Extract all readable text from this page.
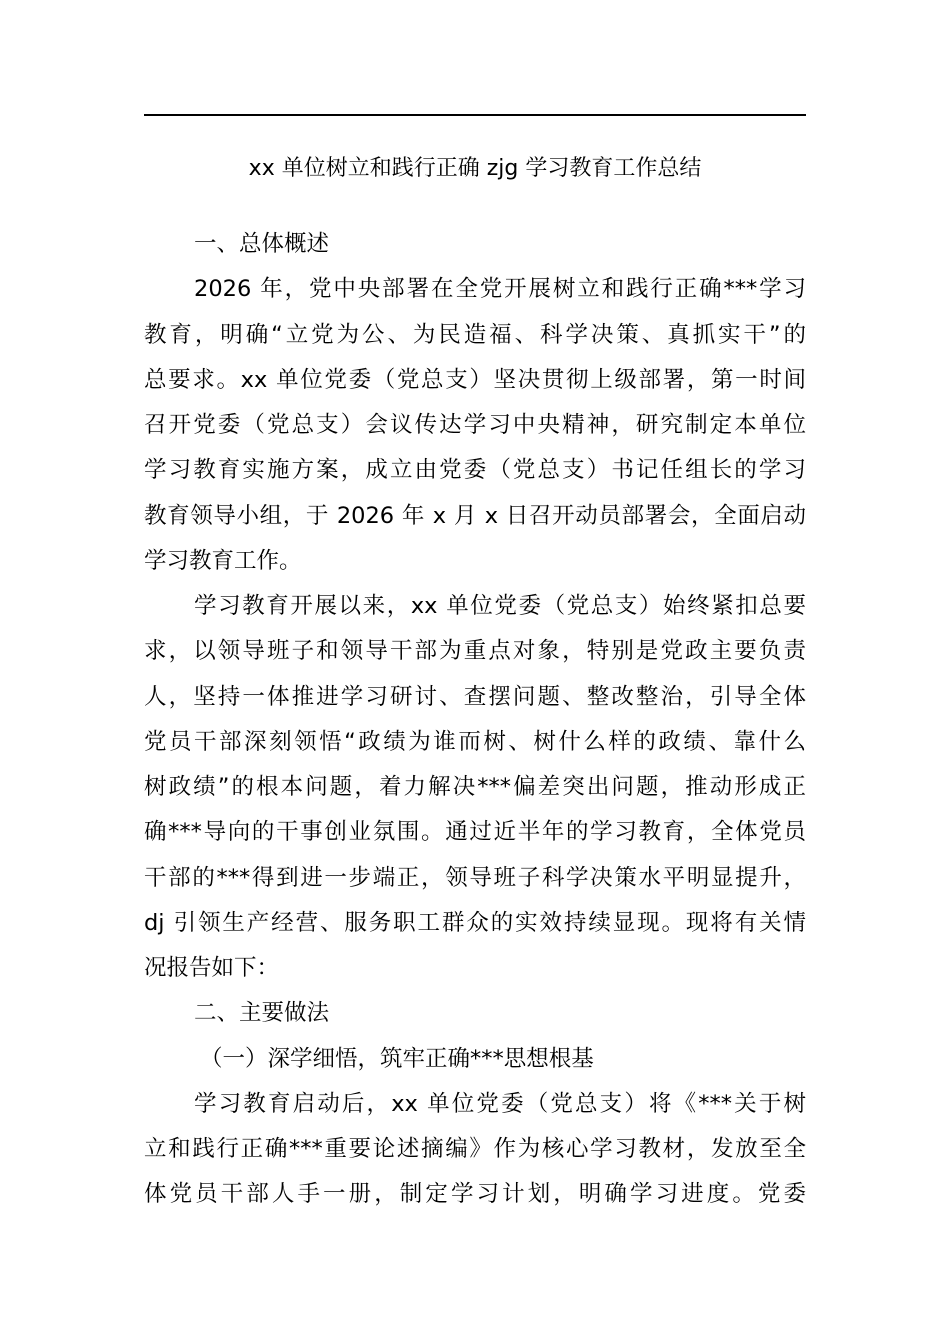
xx 单位树立和践行正确 zjg 学习教育工作总结
一、总体概述
2026 年，党中央部署在全党开展树立和践行正确***学习
教育，明确“立党为公、为民造福、科学决策、真抓实干”的
总要求。xx 单位党委（党总支）坚决贯彻上级部署，第一时间
召开党委（党总支）会议传达学习中央精神，研究制定本单位
学习教育实施方案，成立由党委（党总支）书记任组长的学习
教育领导小组，于 2026 年 x 月 x 日召开动员部署会，全面启动
学习教育工作。
学习教育开展以来，xx 单位党委（党总支）始终紧扣总要
求，以领导班子和领导干部为重点对象，特别是党政主要负责
人，坚持一体推进学习研讨、查摆问题、整改整治，引导全体
党员干部深刻领悟“政绩为谁而树、树什么样的政绩、靠什么
树政绩”的根本问题，着力解决***偏差突出问题，推动形成正
确***导向的干事创业氛围。通过近半年的学习教育，全体党员
干部的***得到进一步端正，领导班子科学决策水平明显提升，
dj 引领生产经营、服务职工群众的实效持续显现。现将有关情
况报告如下：
二、主要做法
（一）深学细悟，筑牢正确***思想根基
学习教育启动后，xx 单位党委（党总支）将《***关于树
立和践行正确***重要论述摘编》作为核心学习教材，发放至全
体党员干部人手一册，制定学习计划，明确学习进度。党委
